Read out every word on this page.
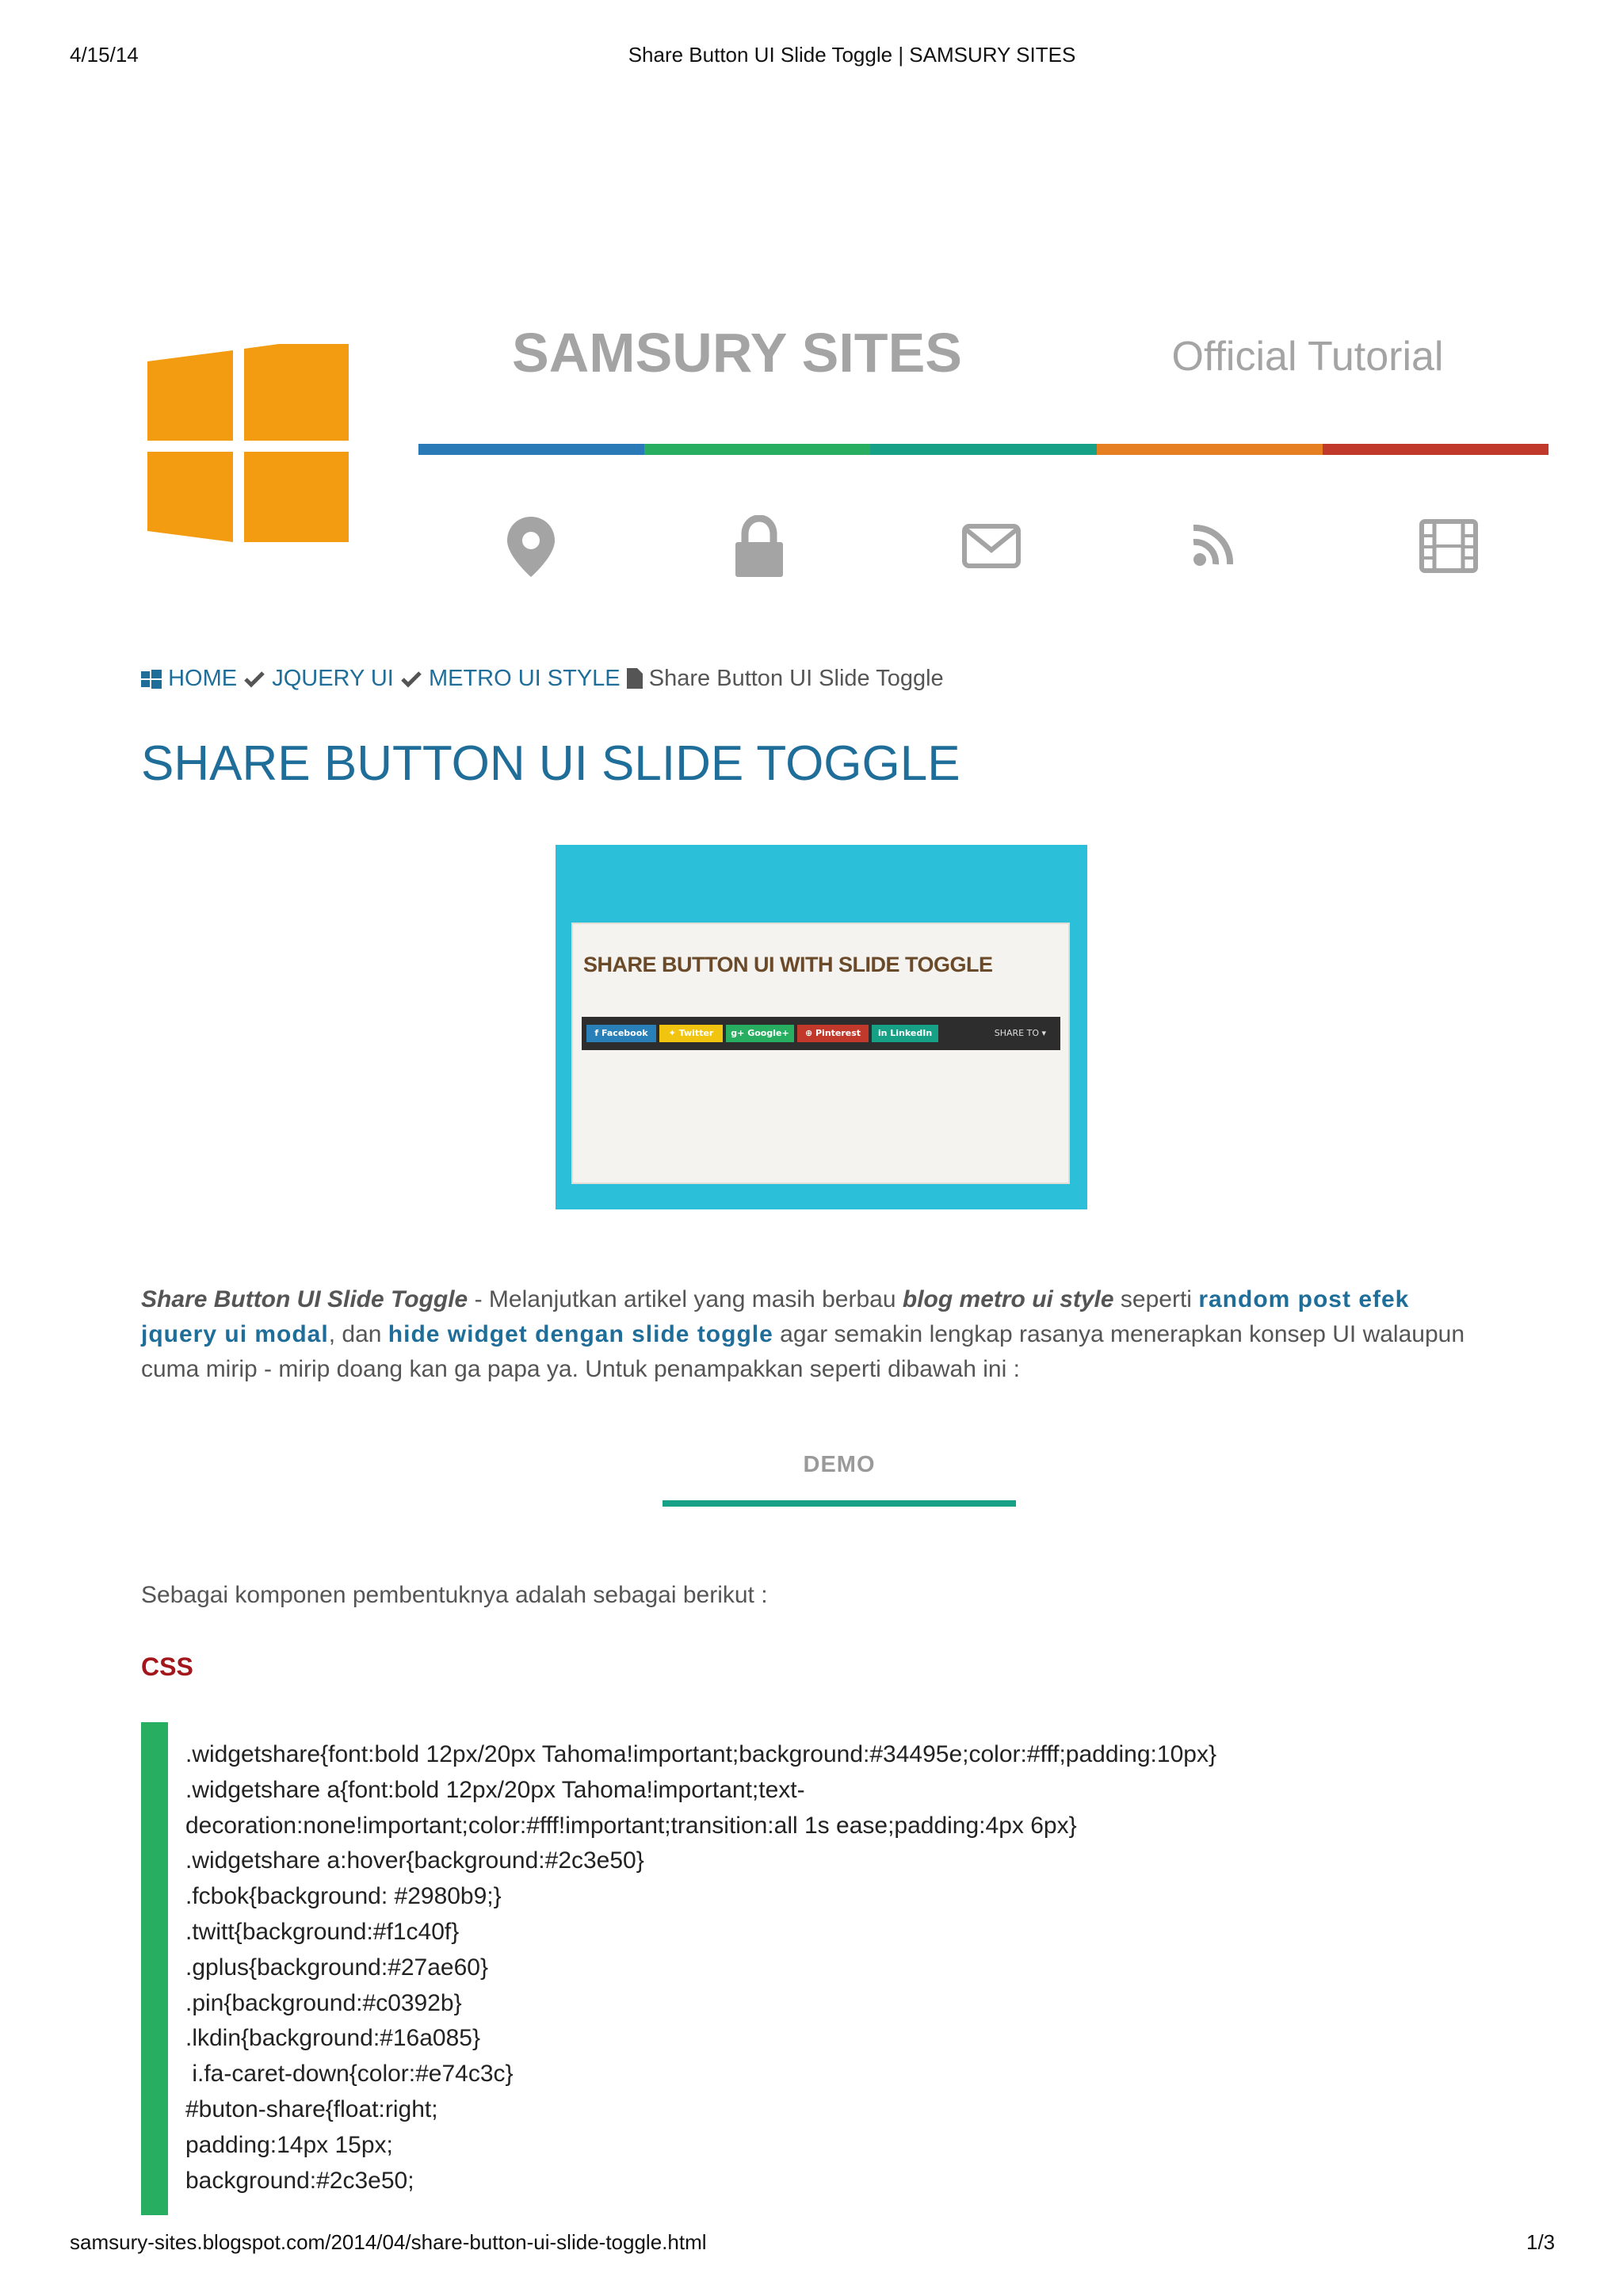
4/15/14	Share Button UI Slide Toggle | SAMSURY SITES
SAMSURY SITES	Official Tutorial
HOME JQUERY UI METRO UI STYLE Share Button UI Slide Toggle
SHARE BUTTON UI SLIDE TOGGLE
SHARE BUTTON UI WITH SLIDE TOGGLE
f Facebook	✦ Twitter	g+ Google+	⊕ Pinterest	in LinkedIn	SHARE TO ▾
Share Button UI Slide Toggle - Melanjutkan artikel yang masih berbau blog metro ui style seperti random post efek jquery ui modal, dan hide widget dengan slide toggle agar semakin lengkap rasanya menerapkan konsep UI walaupun cuma mirip - mirip doang kan ga papa ya. Untuk penampakkan seperti dibawah ini :
DEMO
Sebagai komponen pembentuknya adalah sebagai berikut :
CSS
.widgetshare{font:bold 12px/20px Tahoma!important;background:#34495e;color:#fff;padding:10px}
.widgetshare a{font:bold 12px/20px Tahoma!important;text-
decoration:none!important;color:#fff!important;transition:all 1s ease;padding:4px 6px}
.widgetshare a:hover{background:#2c3e50}
.fcbok{background: #2980b9;}
.twitt{background:#f1c40f}
.gplus{background:#27ae60}
.pin{background:#c0392b}
.lkdin{background:#16a085}
i.fa-caret-down{color:#e74c3c}
#buton-share{float:right;
padding:14px 15px;
background:#2c3e50;
samsury-sites.blogspot.com/2014/04/share-button-ui-slide-toggle.html	1/3
